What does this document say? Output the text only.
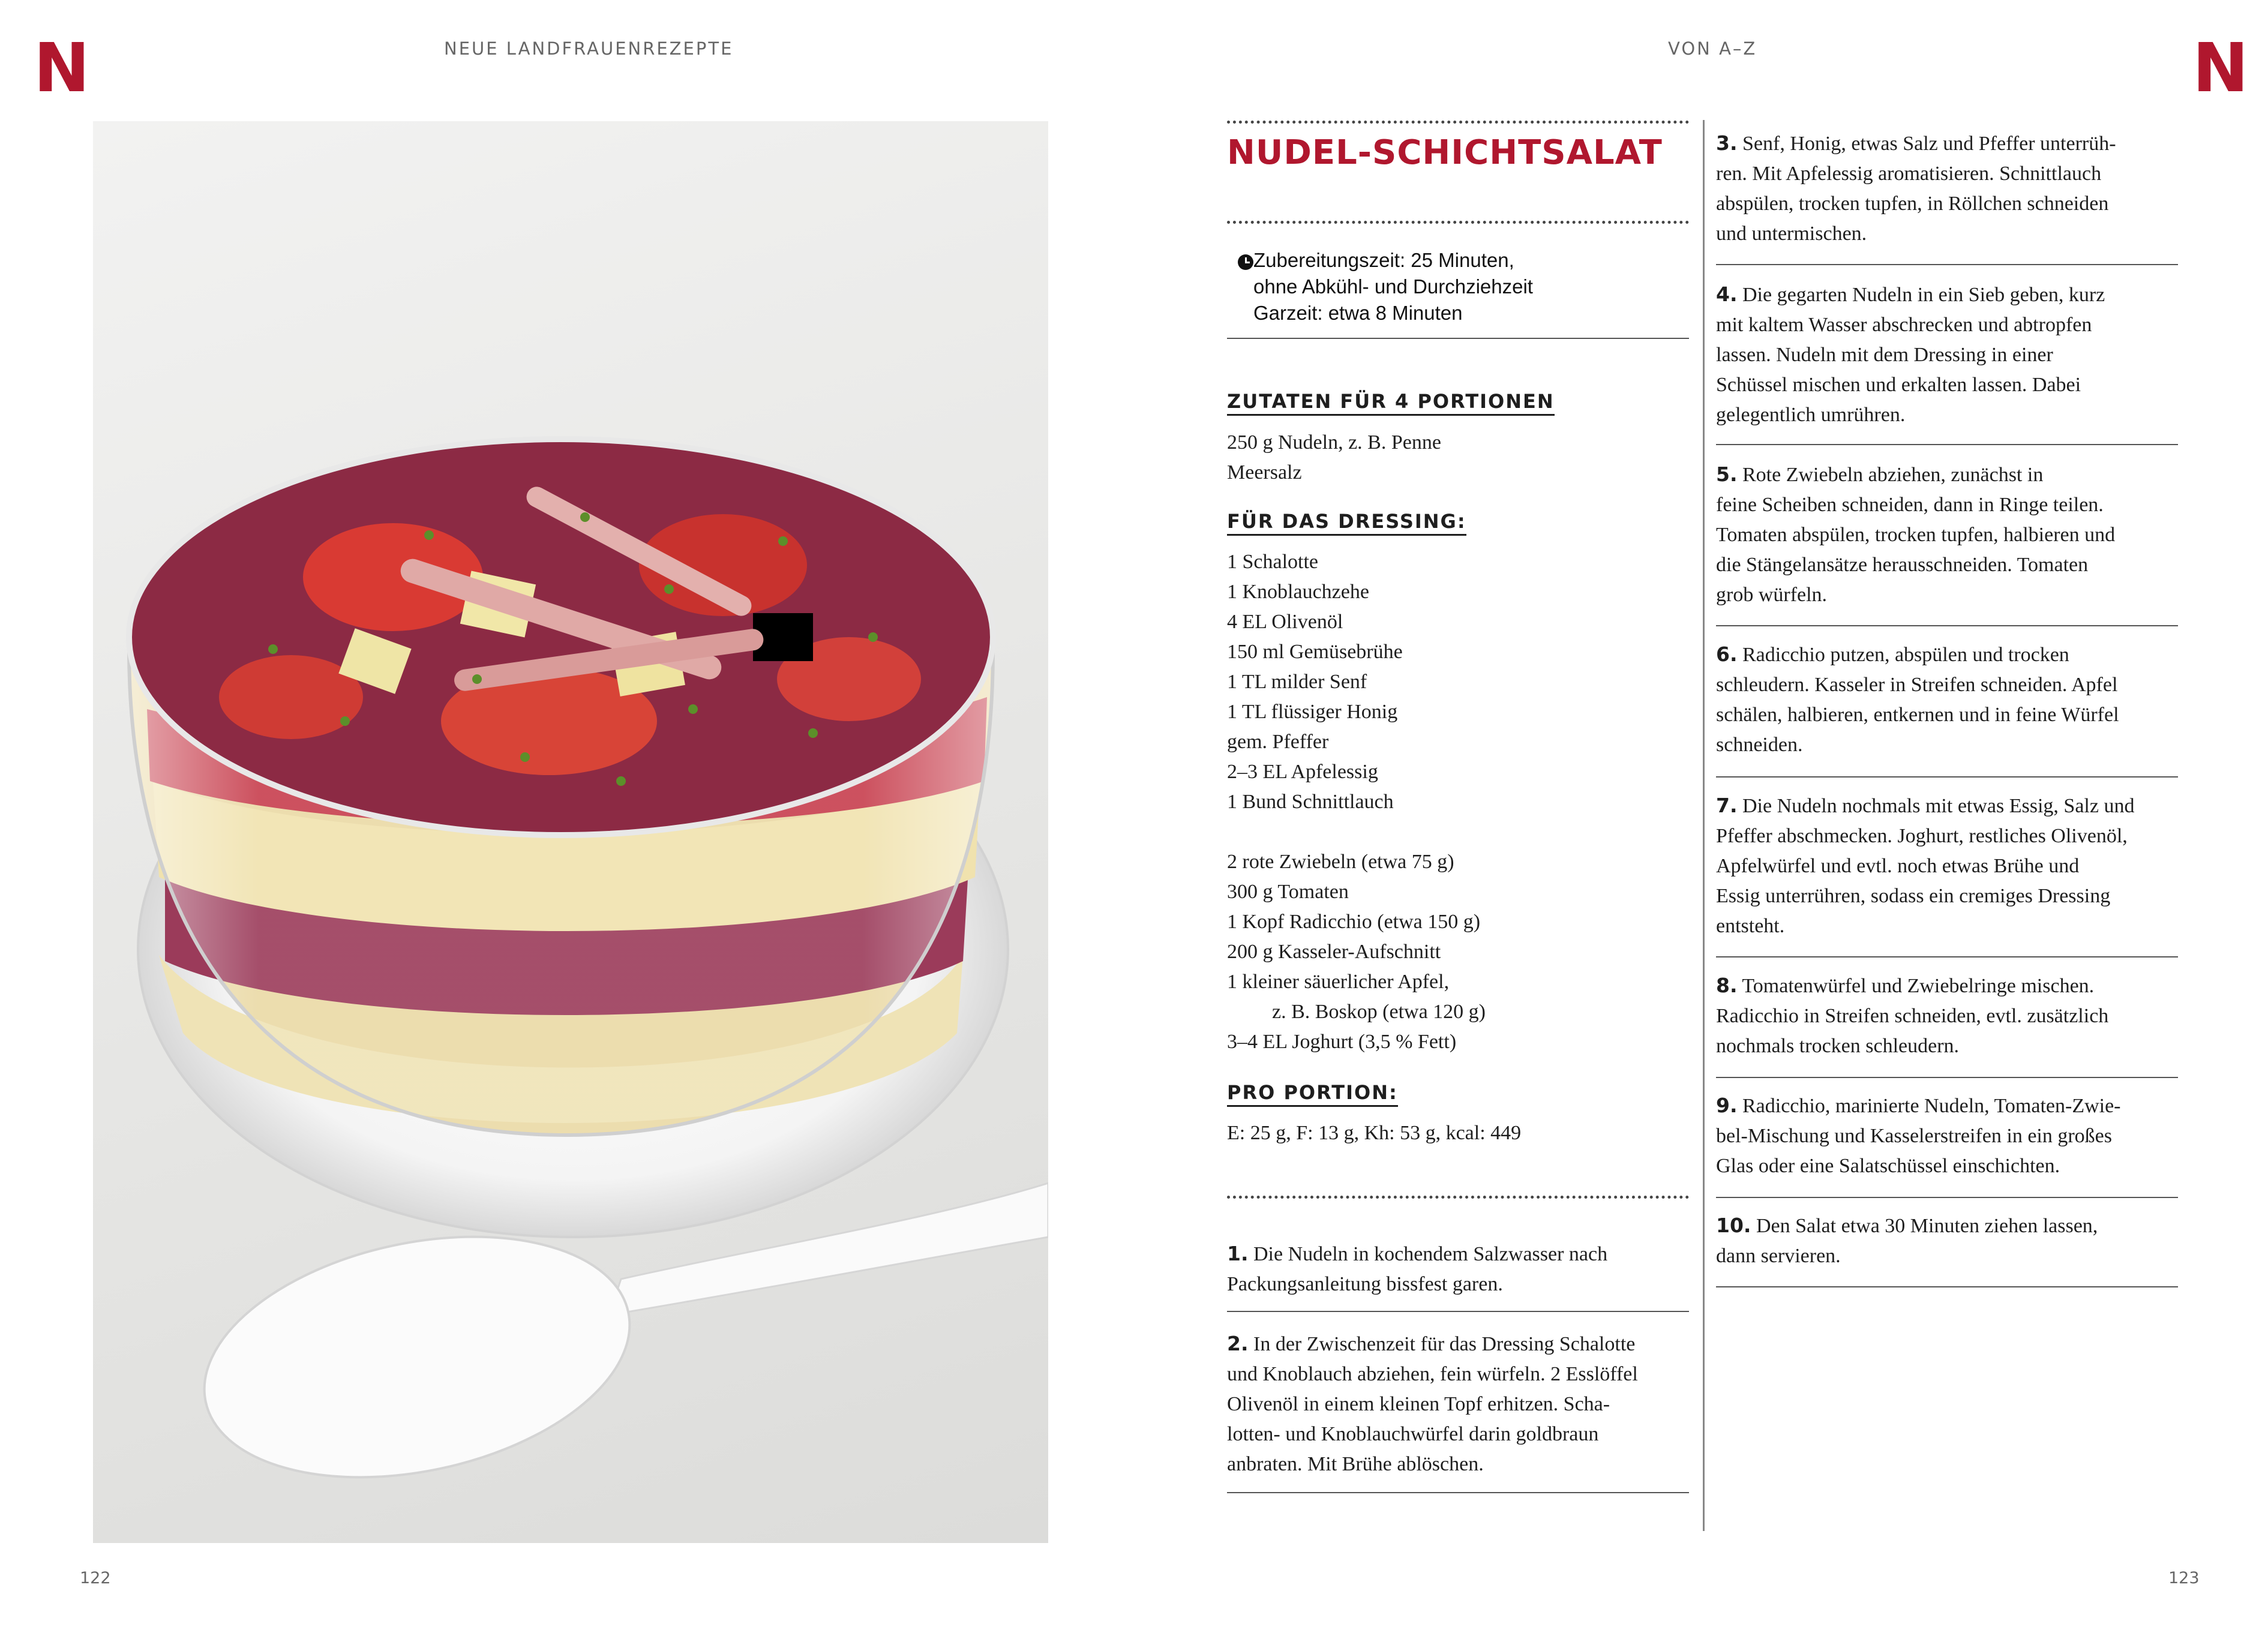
N	N
NEUE LANDFRAUENREZEPTE	VON A–Z
NUDEL-SCHICHTSALAT
Zubereitungszeit: 25 Minuten,
ohne Abkühl- und Durchziehzeit
Garzeit: etwa 8 Minuten
ZUTATEN FÜR 4 PORTIONEN
250 g Nudeln, z. B. Penne
Meersalz
FÜR DAS DRESSING:
1 Schalotte
1 Knoblauchzehe
4 EL Olivenöl
150 ml Gemüsebrühe
1 TL milder Senf
1 TL flüssiger Honig
gem. Pfeffer
2–3 EL Apfelessig
1 Bund Schnittlauch
2 rote Zwiebeln (etwa 75 g)
300 g Tomaten
1 Kopf Radicchio (etwa 150 g)
200 g Kasseler-Aufschnitt
1 kleiner säuerlicher Apfel,
z. B. Boskop (etwa 120 g)
3–4 EL Joghurt (3,5 % Fett)
PRO PORTION:
E: 25 g, F: 13 g, Kh: 53 g, kcal: 449
1. Die Nudeln in kochendem Salzwasser nach
Packungsanleitung bissfest garen.
2. In der Zwischenzeit für das Dressing Schalotte
und Knoblauch abziehen, fein würfeln. 2 Esslöffel
Olivenöl in einem kleinen Topf erhitzen. Scha-
lotten- und Knoblauchwürfel darin goldbraun
anbraten. Mit Brühe ablöschen.
3. Senf, Honig, etwas Salz und Pfeffer unterrüh-
ren. Mit Apfelessig aromatisieren. Schnittlauch
abspülen, trocken tupfen, in Röllchen schneiden
und untermischen.
4. Die gegarten Nudeln in ein Sieb geben, kurz
mit kaltem Wasser abschrecken und abtropfen
lassen. Nudeln mit dem Dressing in einer
Schüssel mischen und erkalten lassen. Dabei
gelegentlich umrühren.
5. Rote Zwiebeln abziehen, zunächst in
feine Scheiben schneiden, dann in Ringe teilen.
Tomaten abspülen, trocken tupfen, halbieren und
die Stängelansätze herausschneiden. Tomaten
grob würfeln.
6. Radicchio putzen, abspülen und trocken
schleudern. Kasseler in Streifen schneiden. Apfel
schälen, halbieren, entkernen und in feine Würfel
schneiden.
7. Die Nudeln nochmals mit etwas Essig, Salz und
Pfeffer abschmecken. Joghurt, restliches Olivenöl,
Apfelwürfel und evtl. noch etwas Brühe und
Essig unterrühren, sodass ein cremiges Dressing
entsteht.
8. Tomatenwürfel und Zwiebelringe mischen.
Radicchio in Streifen schneiden, evtl. zusätzlich
nochmals trocken schleudern.
9. Radicchio, marinierte Nudeln, Tomaten-Zwie-
bel-Mischung und Kasselerstreifen in ein großes
Glas oder eine Salatschüssel einschichten.
10. Den Salat etwa 30 Minuten ziehen lassen,
dann servieren.
122	123
